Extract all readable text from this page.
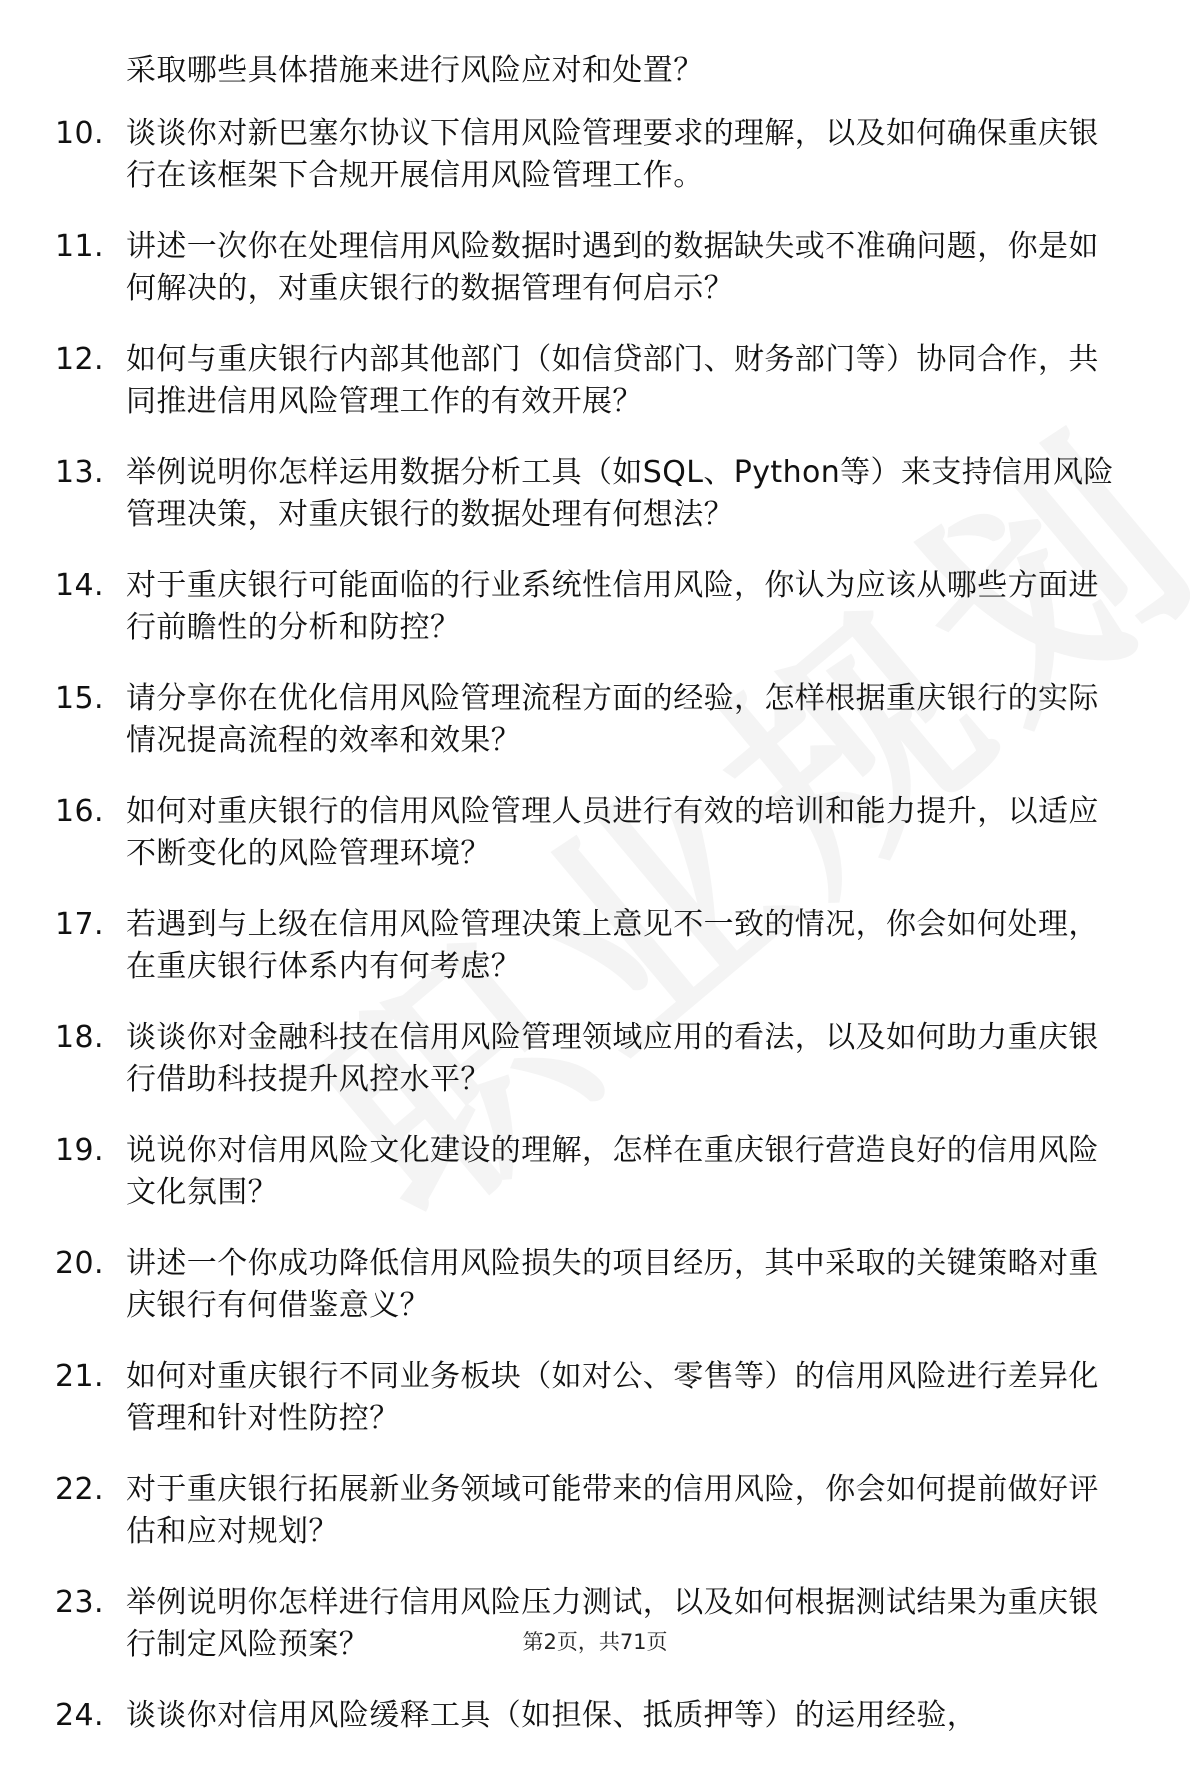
采取哪些具体措施来进行风险应对和处置？
10. 谈谈你对新巴塞尔协议下信用风险管理要求的理解，以及如何确保重庆银行在该框架下合规开展信用风险管理工作。
11. 讲述一次你在处理信用风险数据时遇到的数据缺失或不准确问题，你是如何解决的，对重庆银行的数据管理有何启示？
12. 如何与重庆银行内部其他部门（如信贷部门、财务部门等）协同合作，共同推进信用风险管理工作的有效开展？
13. 举例说明你怎样运用数据分析工具（如SQL、Python等）来支持信用风险管理决策，对重庆银行的数据处理有何想法？
14. 对于重庆银行可能面临的行业系统性信用风险，你认为应该从哪些方面进行前瞻性的分析和防控？
15. 请分享你在优化信用风险管理流程方面的经验，怎样根据重庆银行的实际情况提高流程的效率和效果？
16. 如何对重庆银行的信用风险管理人员进行有效的培训和能力提升，以适应不断变化的风险管理环境？
17. 若遇到与上级在信用风险管理决策上意见不一致的情况，你会如何处理，在重庆银行体系内有何考虑？
18. 谈谈你对金融科技在信用风险管理领域应用的看法，以及如何助力重庆银行借助科技提升风控水平？
19. 说说你对信用风险文化建设的理解，怎样在重庆银行营造良好的信用风险文化氛围？
20. 讲述一个你成功降低信用风险损失的项目经历，其中采取的关键策略对重庆银行有何借鉴意义？
21. 如何对重庆银行不同业务板块（如对公、零售等）的信用风险进行差异化管理和针对性防控？
22. 对于重庆银行拓展新业务领域可能带来的信用风险，你会如何提前做好评估和应对规划？
23. 举例说明你怎样进行信用风险压力测试，以及如何根据测试结果为重庆银行制定风险预案？
24. 谈谈你对信用风险缓释工具（如担保、抵质押等）的运用经验，
第2页，共71页
